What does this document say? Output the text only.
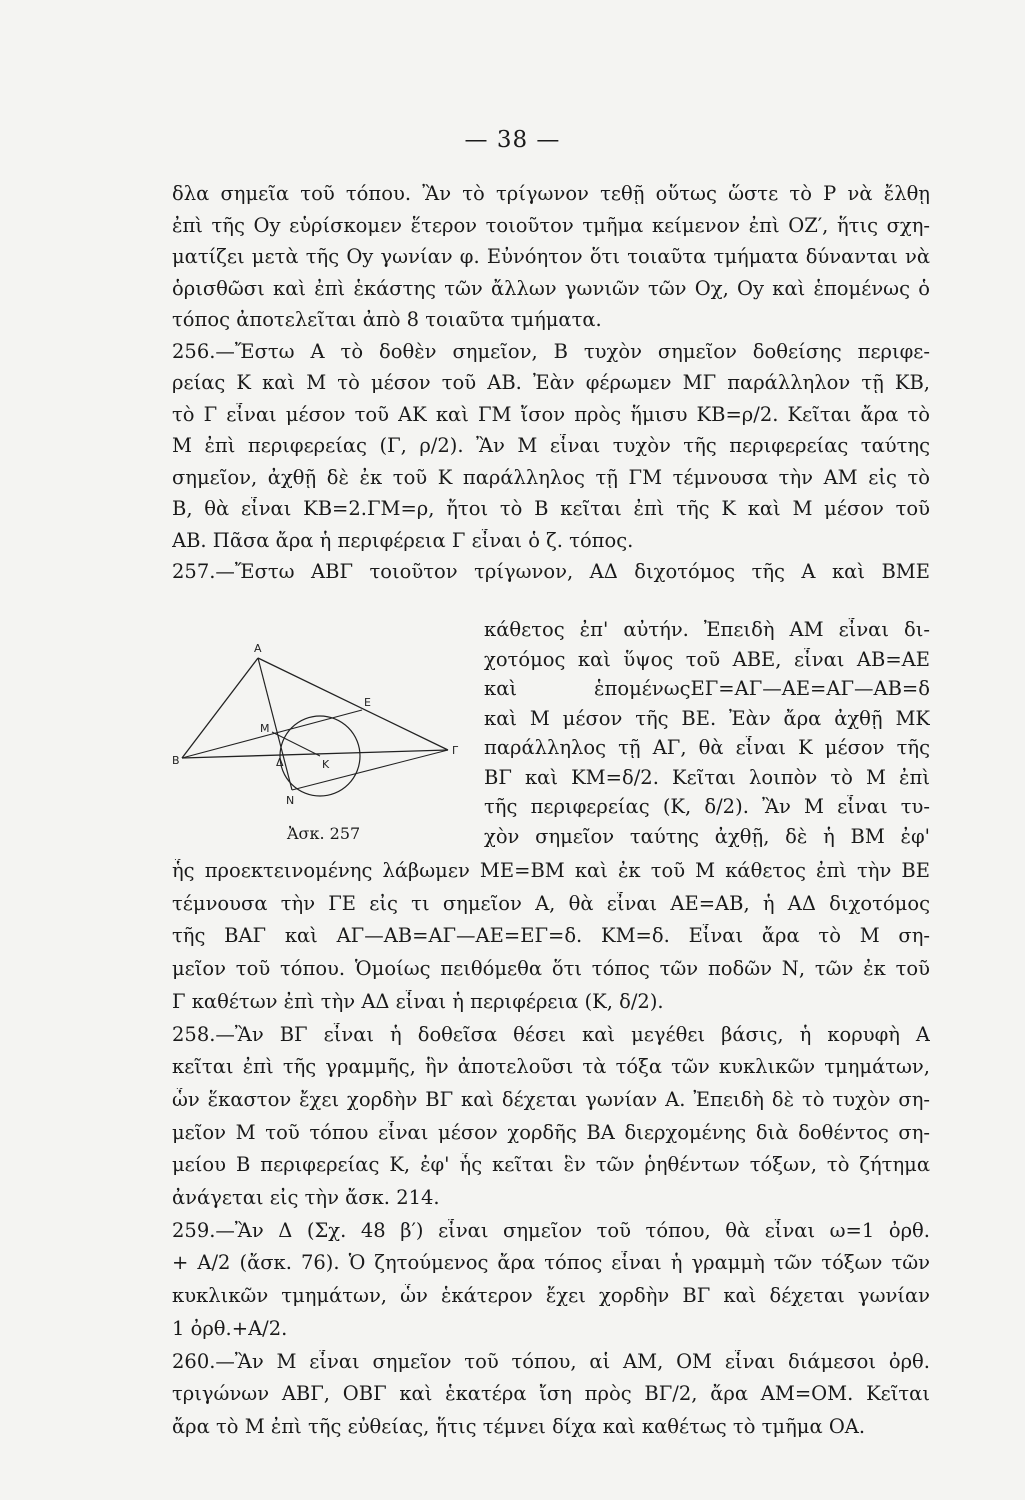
— 38 —
δλα σημεῖα τοῦ τόπου. Ἂν τὸ τρίγωνον τεθῇ οὕτως ὥστε τὸ Ρ νὰ ἔλθῃ
ἐπὶ τῆς Oy εὑρίσκομεν ἕτερον τοιοῦτον τμῆμα κείμενον ἐπὶ OZ′, ἥτις σχη-
ματίζει μετὰ τῆς Oy γωνίαν φ. Εὐνόητον ὅτι τοιαῦτα τμήματα δύνανται νὰ
ὁρισθῶσι καὶ ἐπὶ ἑκάστης τῶν ἄλλων γωνιῶν τῶν Οχ, Oy καὶ ἑπομένως ὁ
τόπος ἀποτελεῖται ἀπὸ 8 τοιαῦτα τμήματα.
256.—Ἔστω Α τὸ δοθὲν σημεῖον, Β τυχὸν σημεῖον δοθείσης περιφε-
ρείας Κ καὶ Μ τὸ μέσον τοῦ ΑΒ. Ἐὰν φέρωμεν ΜΓ παράλληλον τῇ ΚΒ,
τὸ Γ εἶναι μέσον τοῦ ΑΚ καὶ ΓΜ ἴσον πρὸς ἥμισυ ΚΒ=ρ/2. Κεῖται ἄρα τὸ
Μ ἐπὶ περιφερείας (Γ, ρ/2). Ἂν Μ εἶναι τυχὸν τῆς περιφερείας ταύτης
σημεῖον, ἀχθῇ δὲ ἐκ τοῦ Κ παράλληλος τῇ ΓΜ τέμνουσα τὴν ΑΜ εἰς τὸ
Β, θὰ εἶναι ΚΒ=2.ΓΜ=ρ, ἤτοι τὸ Β κεῖται ἐπὶ τῆς Κ καὶ Μ μέσον τοῦ
ΑΒ. Πᾶσα ἄρα ἡ περιφέρεια Γ εἶναι ὁ ζ. τόπος.
257.—Ἔστω ΑΒΓ τοιοῦτον τρίγωνον, ΑΔ διχοτόμος τῆς Α καὶ ΒΜΕ
κάθετος ἐπ' αὐτήν. Ἐπειδὴ ΑΜ εἶναι δι-
χοτόμος καὶ ὕψος τοῦ ΑΒΕ, εἶναι ΑΒ=ΑΕ
καὶ ἑπομένωςΕΓ=ΑΓ—ΑΕ=ΑΓ—ΑΒ=δ
καὶ Μ μέσον τῆς ΒΕ. Ἐὰν ἄρα ἀχθῇ ΜΚ
παράλληλος τῇ ΑΓ, θὰ εἶναι Κ μέσον τῆς
ΒΓ καὶ ΚΜ=δ/2. Κεῖται λοιπὸν τὸ Μ ἐπὶ
τῆς περιφερείας (Κ, δ/2). Ἂν Μ εἶναι τυ-
χὸν σημεῖον ταύτης ἀχθῇ, δὲ ἡ ΒΜ ἐφ'
ἧς προεκτεινομένης λάβωμεν ΜΕ=ΒΜ καὶ ἐκ τοῦ Μ κάθετος ἐπὶ τὴν ΒΕ
τέμνουσα τὴν ΓΕ εἰς τι σημεῖον Α, θὰ εἶναι ΑΕ=ΑΒ, ἡ ΑΔ διχοτόμος
τῆς ΒΑΓ καὶ ΑΓ—ΑΒ=ΑΓ—ΑΕ=ΕΓ=δ. ΚΜ=δ. Εἶναι ἄρα τὸ Μ ση-
μεῖον τοῦ τόπου. Ὁμοίως πειθόμεθα ὅτι τόπος τῶν ποδῶν Ν, τῶν ἐκ τοῦ
Γ καθέτων ἐπὶ τὴν ΑΔ εἶναι ἡ περιφέρεια (Κ, δ/2).
258.—Ἂν ΒΓ εἶναι ἡ δοθεῖσα θέσει καὶ μεγέθει βάσις, ἡ κορυφὴ Α
κεῖται ἐπὶ τῆς γραμμῆς, ἣν ἀποτελοῦσι τὰ τόξα τῶν κυκλικῶν τμημάτων,
ὧν ἕκαστον ἔχει χορδὴν ΒΓ καὶ δέχεται γωνίαν Α. Ἐπειδὴ δὲ τὸ τυχὸν ση-
μεῖον Μ τοῦ τόπου εἶναι μέσον χορδῆς ΒΑ διερχομένης διὰ δοθέντος ση-
μείου Β περιφερείας Κ, ἐφ' ἧς κεῖται ἓν τῶν ῥηθέντων τόξων, τὸ ζήτημα
ἀνάγεται εἰς τὴν ἄσκ. 214.
259.—Ἂν Δ (Σχ. 48 β′) εἶναι σημεῖον τοῦ τόπου, θὰ εἶναι ω=1 ὀρθ.
+ Α/2 (ἄσκ. 76). Ὁ ζητούμενος ἄρα τόπος εἶναι ἡ γραμμὴ τῶν τόξων τῶν
κυκλικῶν τμημάτων, ὧν ἑκάτερον ἔχει χορδὴν ΒΓ καὶ δέχεται γωνίαν
1 ὀρθ.+Α/2.
260.—Ἂν Μ εἶναι σημεῖον τοῦ τόπου, αἱ ΑΜ, ΟΜ εἶναι διάμεσοι ὀρθ.
τριγώνων ΑΒΓ, ΟΒΓ καὶ ἑκατέρα ἴση πρὸς ΒΓ/2, ἄρα ΑΜ=ΟΜ. Κεῖται
ἄρα τὸ Μ ἐπὶ τῆς εὐθείας, ἥτις τέμνει δίχα καὶ καθέτως τὸ τμῆμα ΟΑ.
A
E
M
B
Γ
Δ	K
N
Ἀσκ. 257
